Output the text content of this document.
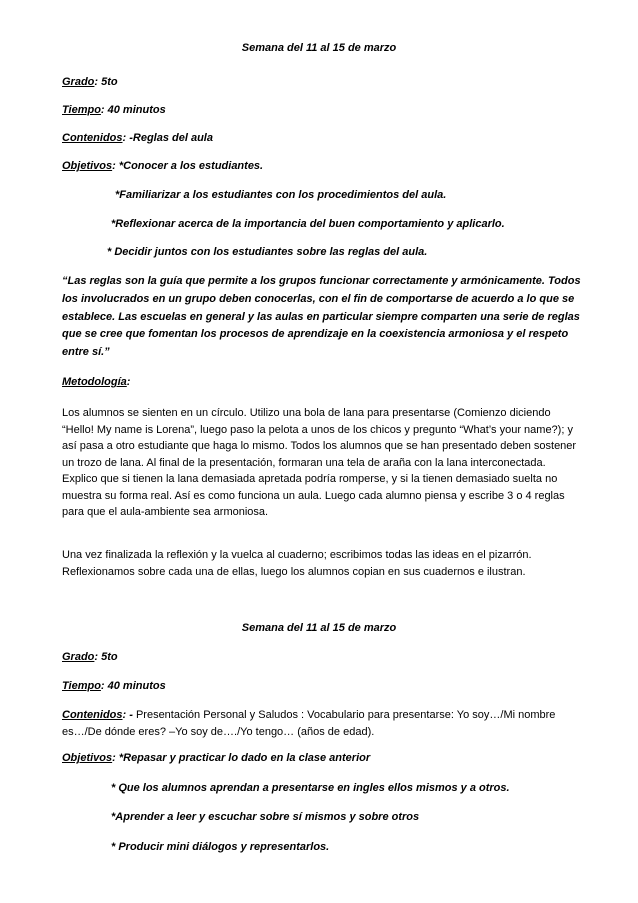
Semana del 11 al 15 de marzo
Grado: 5to
Tiempo: 40 minutos
Contenidos: -Reglas del aula
Objetivos: *Conocer a los estudiantes.
*Familiarizar a los estudiantes con los procedimientos del aula.
*Reflexionar acerca de la importancia del buen comportamiento y aplicarlo.
* Decidir juntos con los estudiantes sobre las reglas del aula.
“Las reglas son la guía que permite a los grupos funcionar correctamente y armónicamente. Todos los involucrados en un grupo deben conocerlas, con el fin de comportarse de acuerdo a lo que se establece. Las escuelas en general y las aulas en particular siempre comparten una serie de reglas que se cree que fomentan los procesos de aprendizaje en la coexistencia armoniosa y el respeto entre sí.”
Metodología:
Los alumnos se sienten en un círculo. Utilizo una bola de lana para presentarse (Comienzo diciendo “Hello! My name is Lorena”, luego paso la pelota a unos de los chicos y pregunto “What’s your name?); y así pasa a otro estudiante que haga lo mismo. Todos los alumnos que se han presentado deben sostener un trozo de lana. Al final de la presentación, formaran una tela de araña con la lana interconectada. Explico que si tienen la lana demasiada apretada podría romperse, y si la tienen demasiado suelta no muestra su forma real. Así es como funciona un aula. Luego cada alumno piensa y escribe 3 o 4 reglas para que el aula-ambiente sea armoniosa.
Una vez finalizada la reflexión y la vuelca al cuaderno; escribimos todas las ideas en el pizarrón. Reflexionamos sobre cada una de ellas, luego los alumnos copian en sus cuadernos e ilustran.
Semana del 11 al 15 de marzo
Grado: 5to
Tiempo: 40 minutos
Contenidos: - Presentación Personal y Saludos : Vocabulario para presentarse: Yo soy…/Mi nombre es…/De dónde eres? –Yo soy de…./Yo tengo… (años de edad).
Objetivos: *Repasar y practicar lo dado en la clase anterior
* Que los alumnos aprendan a presentarse en ingles ellos mismos y a otros.
*Aprender a leer y escuchar sobre sí mismos y sobre otros
* Producir mini diálogos y representarlos.
